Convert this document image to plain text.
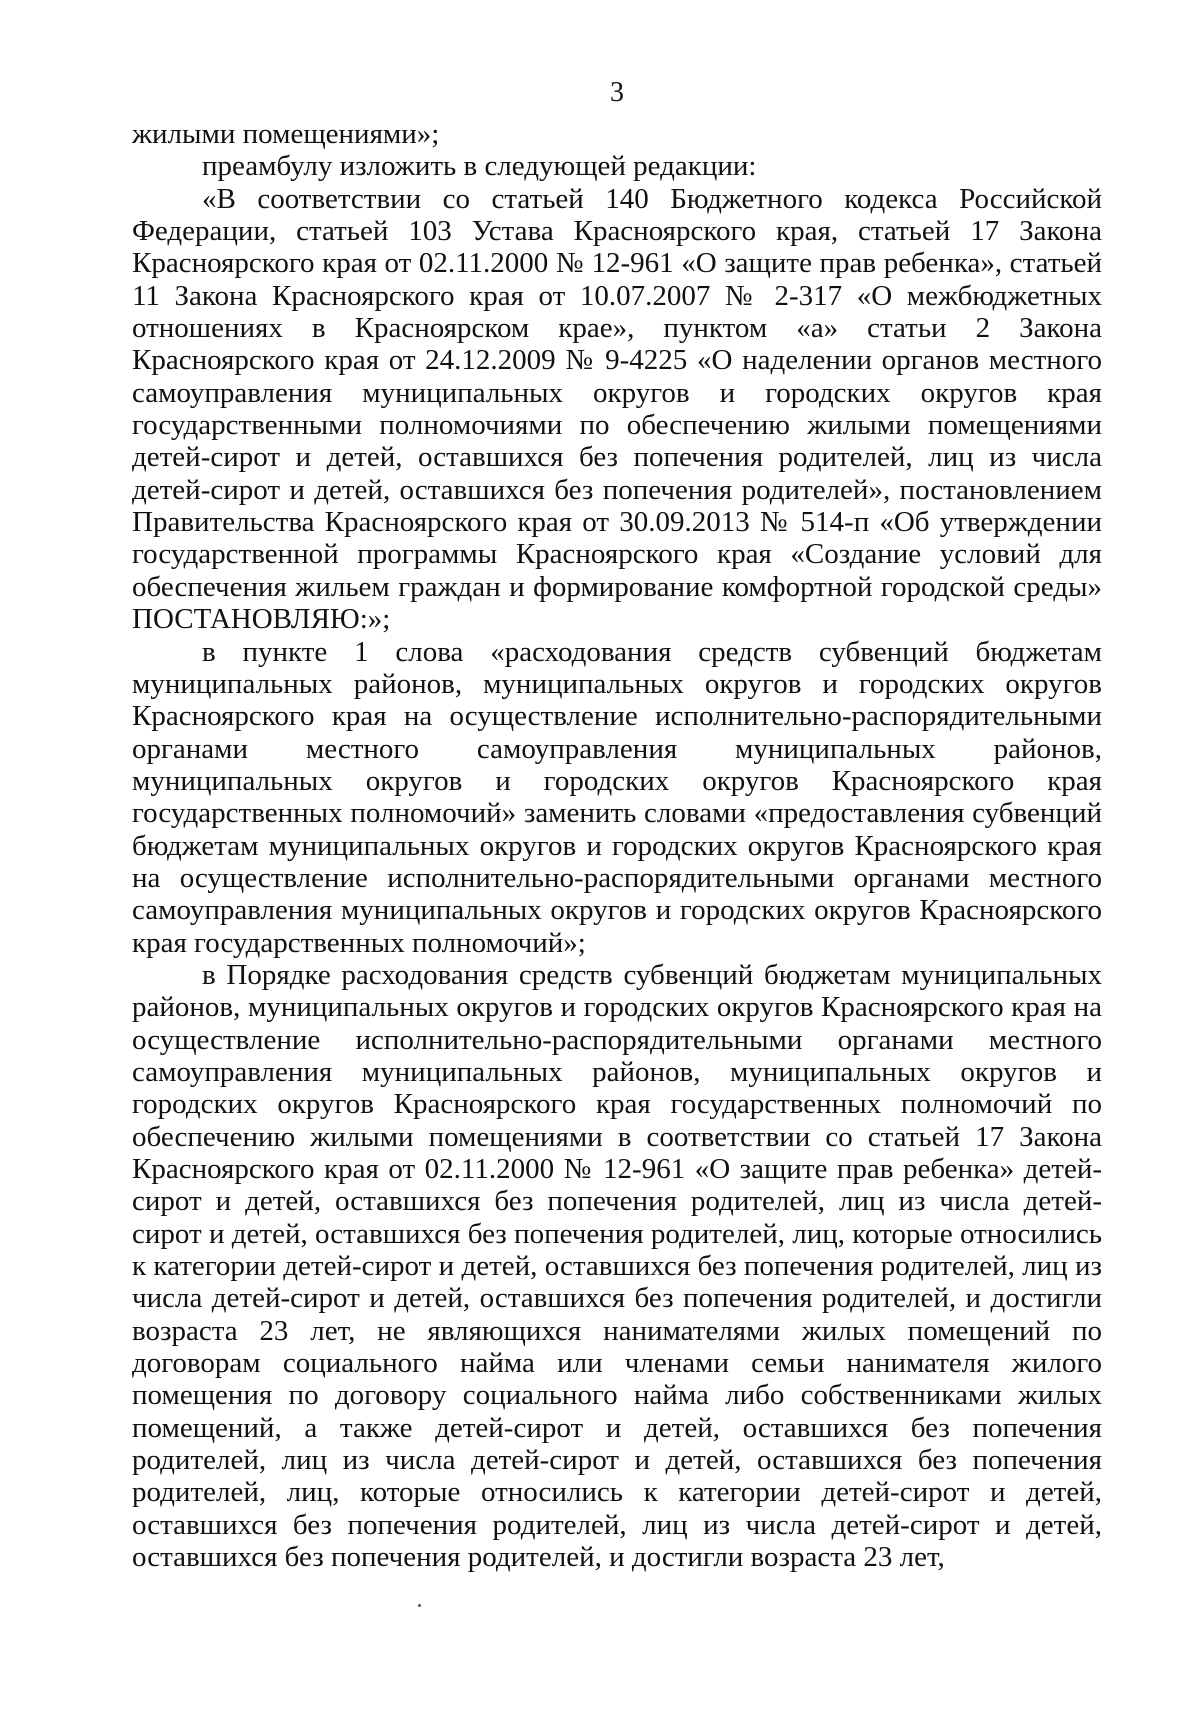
3

жилыми помещениями»;

преамбулу изложить в следующей редакции:

«В соответствии со статьей 140 Бюджетного кодекса Российской Федерации, статьей 103 Устава Красноярского края, статьей 17 Закона Красноярского края от 02.11.2000 № 12-961 «О защите прав ребенка», статьей 11 Закона Красноярского края от 10.07.2007 № 2-317 «О межбюджетных отношениях в Красноярском крае», пунктом «а» статьи 2 Закона Красноярского края от 24.12.2009 № 9-4225 «О наделении органов местного самоуправления муниципальных округов и городских округов края государственными полномочиями по обеспечению жилыми помещениями детей-сирот и детей, оставшихся без попечения родителей, лиц из числа детей-сирот и детей, оставшихся без попечения родителей», постановлением Правительства Красноярского края от 30.09.2013 № 514-п «Об утверждении государственной программы Красноярского края «Создание условий для обеспечения жильем граждан и формирование комфортной городской среды» ПОСТАНОВЛЯЮ:»;

в пункте 1 слова «расходования средств субвенций бюджетам муниципальных районов, муниципальных округов и городских округов Красноярского края на осуществление исполнительно-распорядительными органами местного самоуправления муниципальных районов, муниципальных округов и городских округов Красноярского края государственных полномочий» заменить словами «предоставления субвенций бюджетам муниципальных округов и городских округов Красноярского края на осуществление исполнительно-распорядительными органами местного самоуправления муниципальных округов и городских округов Красноярского края государственных полномочий»;

в Порядке расходования средств субвенций бюджетам муниципальных районов, муниципальных округов и городских округов Красноярского края на осуществление исполнительно-распорядительными органами местного самоуправления муниципальных районов, муниципальных округов и городских округов Красноярского края государственных полномочий по обеспечению жилыми помещениями в соответствии со статьей 17 Закона Красноярского края от 02.11.2000 № 12-961 «О защите прав ребенка» детей-сирот и детей, оставшихся без попечения родителей, лиц из числа детей-сирот и детей, оставшихся без попечения родителей, лиц, которые относились к категории детей-сирот и детей, оставшихся без попечения родителей, лиц из числа детей-сирот и детей, оставшихся без попечения родителей, и достигли возраста 23 лет, не являющихся нанимателями жилых помещений по договорам социального найма или членами семьи нанимателя жилого помещения по договору социального найма либо собственниками жилых помещений, а также детей-сирот и детей, оставшихся без попечения родителей, лиц из числа детей-сирот и детей, оставшихся без попечения родителей, лиц, которые относились к категории детей-сирот и детей, оставшихся без попечения родителей, лиц из числа детей-сирот и детей, оставшихся без попечения родителей, и достигли возраста 23 лет,
